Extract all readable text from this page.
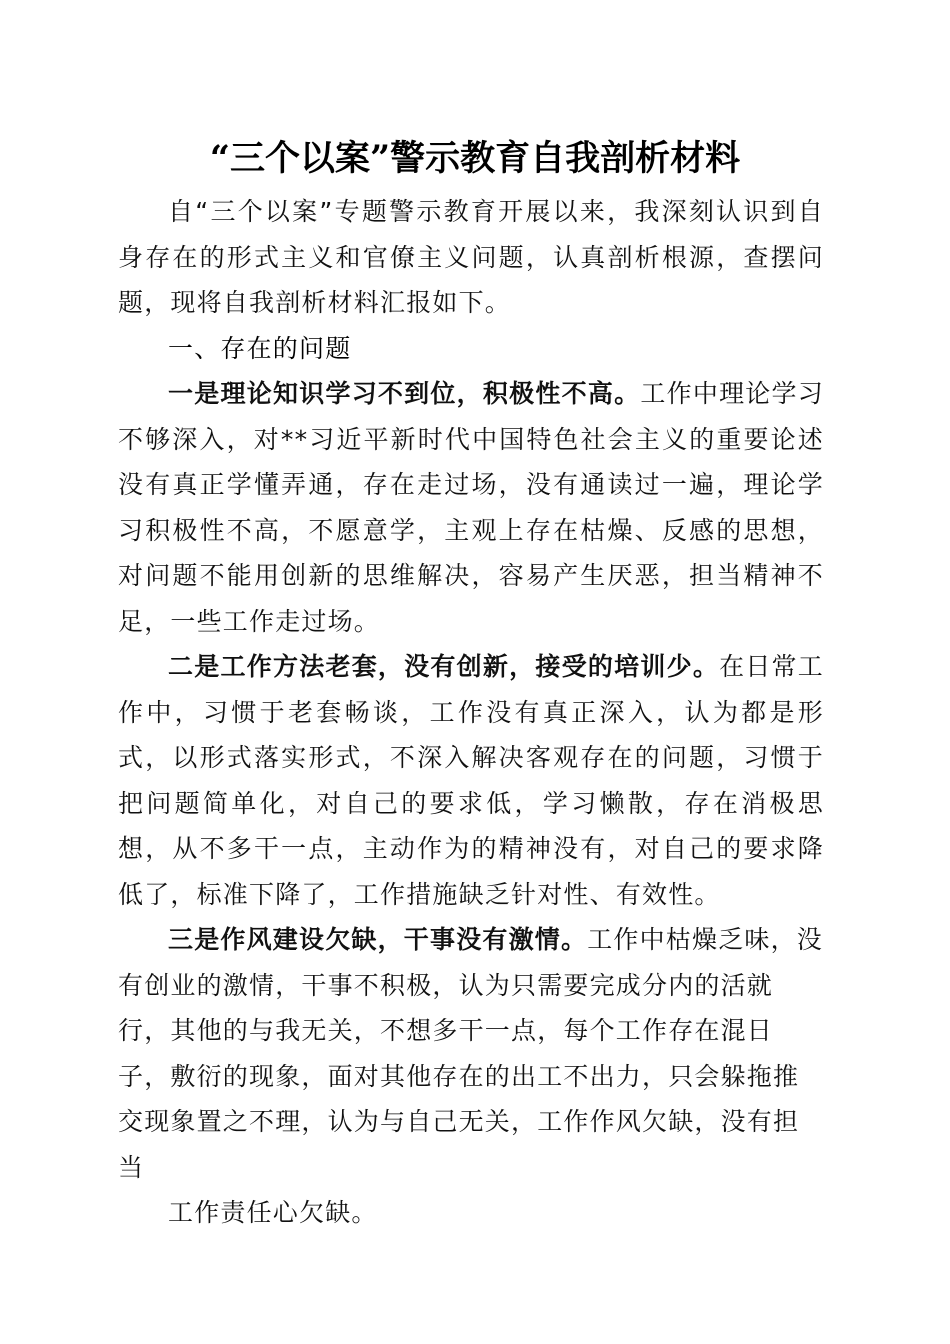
“三个以案”警示教育自我剖析材料

自“三个以案”专题警示教育开展以来，我深刻认识到自身存在的形式主义和官僚主义问题，认真剖析根源，查摆问题，现将自我剖析材料汇报如下。

一、存在的问题

一是理论知识学习不到位，积极性不高。工作中理论学习不够深入，对**习近平新时代中国特色社会主义的重要论述没有真正学懂弄通，存在走过场，没有通读过一遍，理论学习积极性不高，不愿意学，主观上存在枯燥、反感的思想，对问题不能用创新的思维解决，容易产生厌恶，担当精神不足，一些工作走过场。

二是工作方法老套，没有创新，接受的培训少。在日常工作中，习惯于老套畅谈，工作没有真正深入，认为都是形式，以形式落实形式，不深入解决客观存在的问题，习惯于把问题简单化，对自己的要求低，学习懒散，存在消极思想，从不多干一点，主动作为的精神没有，对自己的要求降低了，标准下降了，工作措施缺乏针对性、有效性。

三是作风建设欠缺，干事没有激情。工作中枯燥乏味，没有创业的激情，干事不积极，认为只需要完成分内的活就行，其他的与我无关，不想多干一点，每个工作存在混日子，敷衍的现象，面对其他存在的出工不出力，只会躲拖推交现象置之不理，认为与自己无关，工作作风欠缺，没有担当

工作责任心欠缺。
